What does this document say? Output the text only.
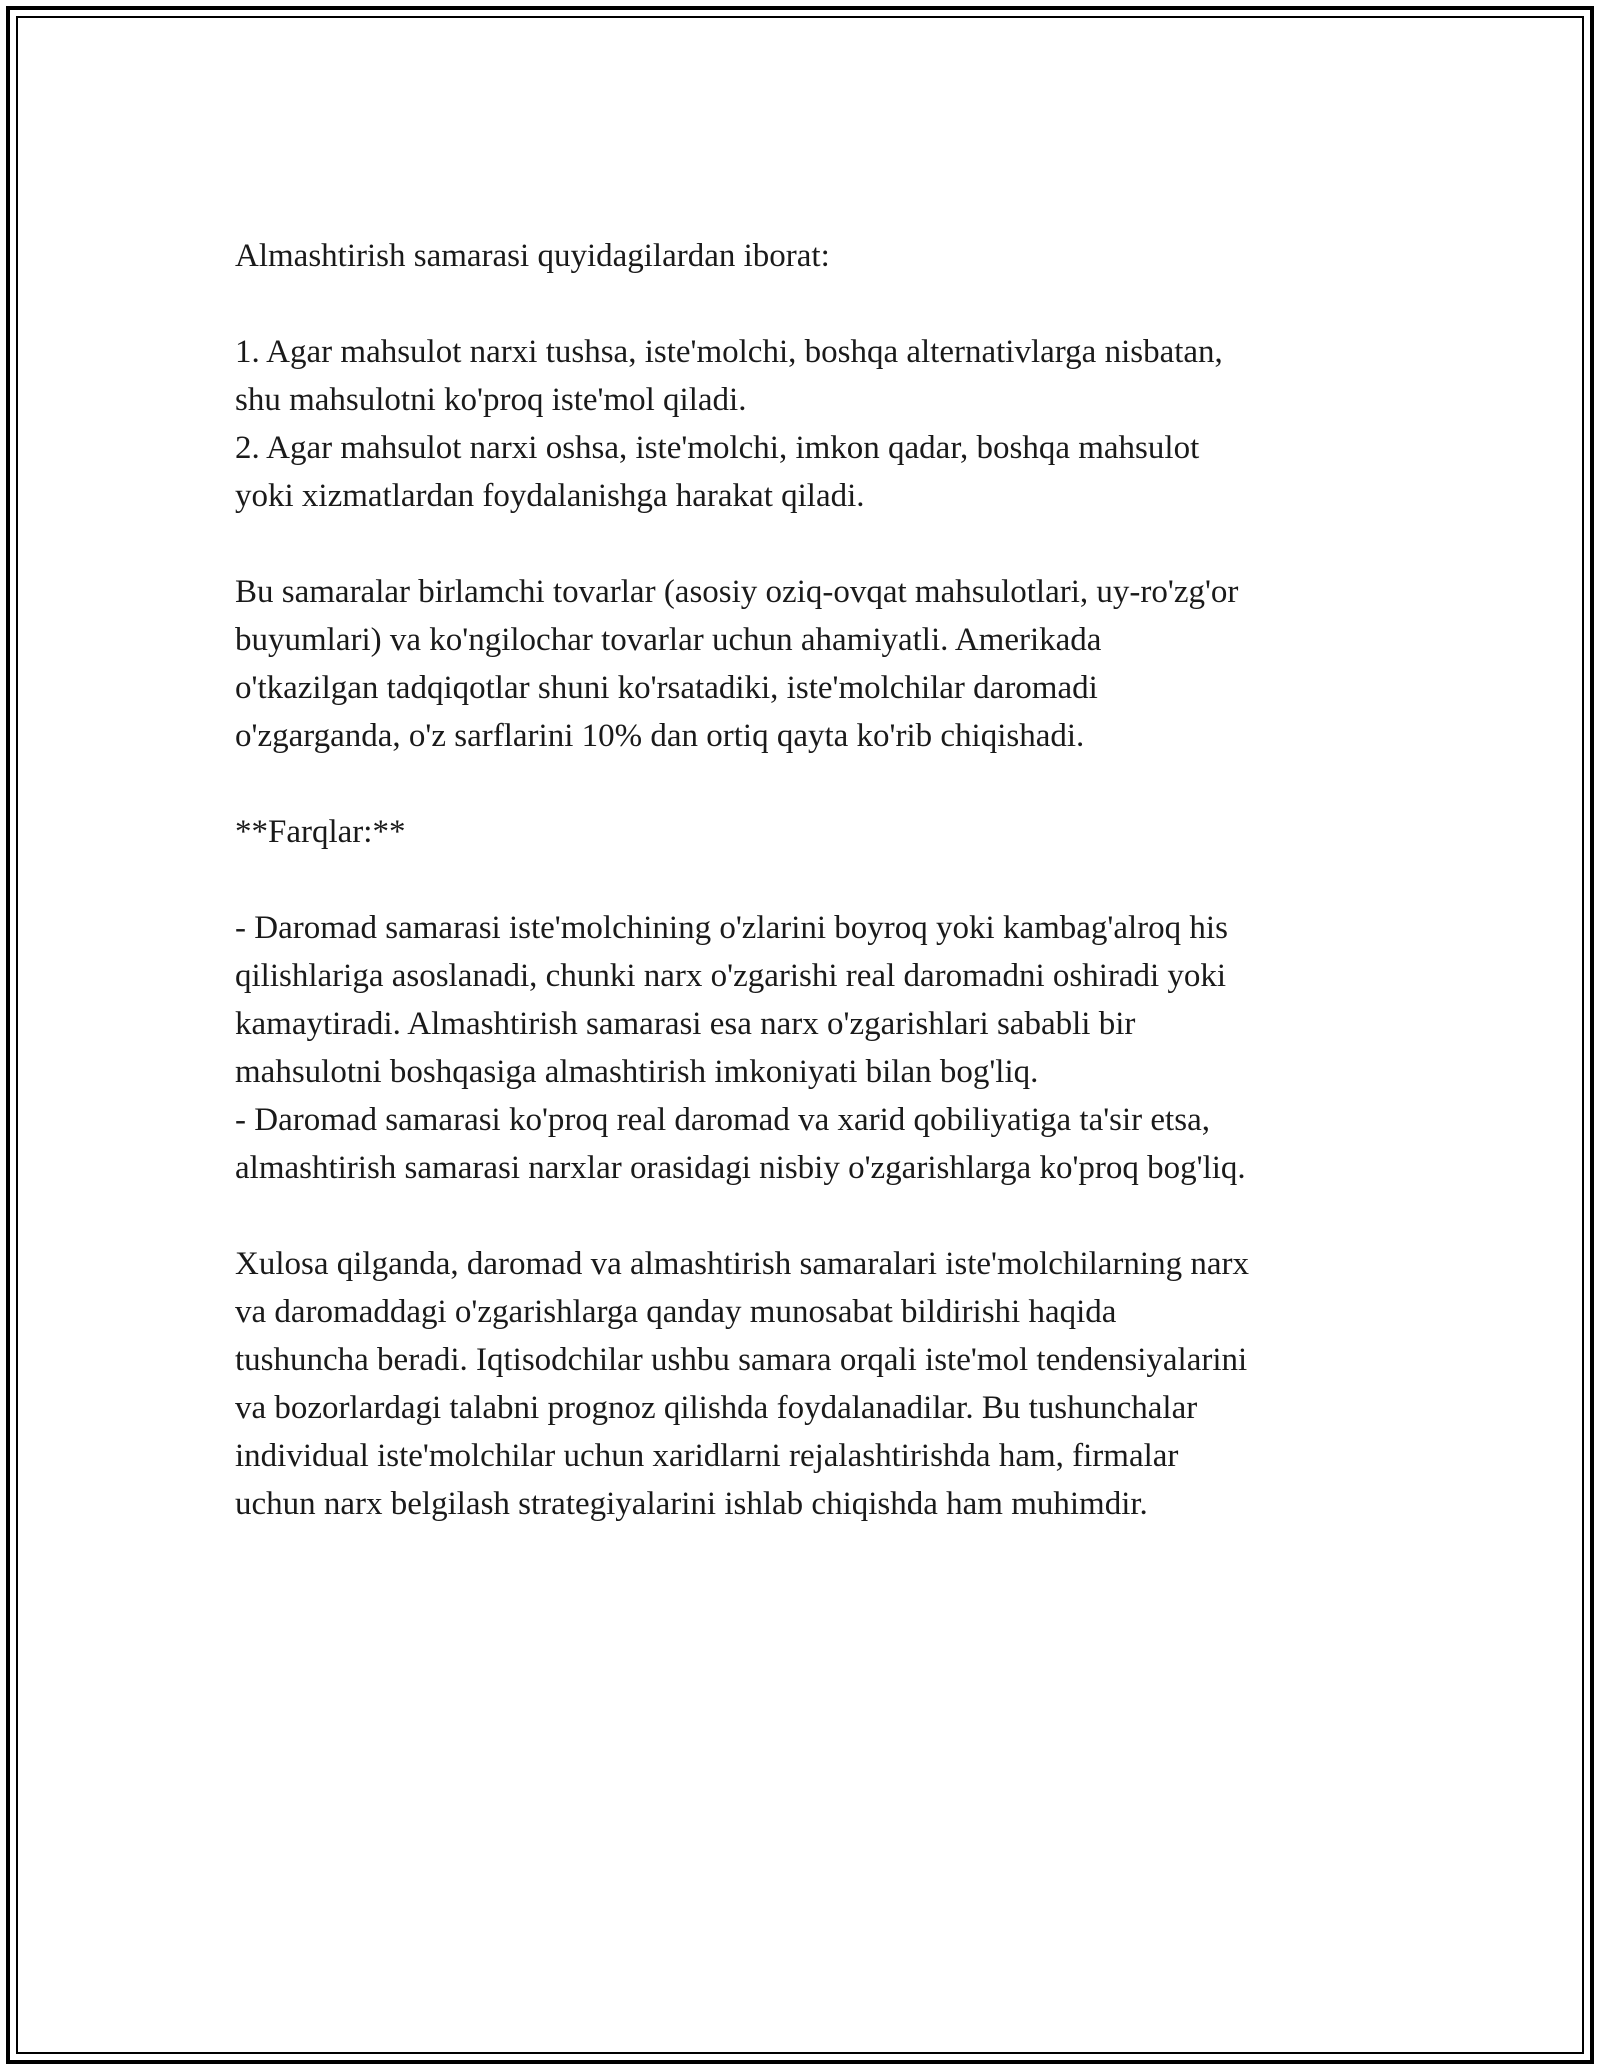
Almashtirish samarasi quyidagilardan iborat:

1. Agar mahsulot narxi tushsa, iste'molchi, boshqa alternativlarga nisbatan,
shu mahsulotni ko'proq iste'mol qiladi.

2. Agar mahsulot narxi oshsa, iste'molchi, imkon qadar, boshqa mahsulot
yoki xizmatlardan foydalanishga harakat qiladi.

Bu samaralar birlamchi tovarlar (asosiy oziq-ovqat mahsulotlari, uy-ro'zg'or
buyumlari) va ko'ngilochar tovarlar uchun ahamiyatli. Amerikada
o'tkazilgan tadqiqotlar shuni ko'rsatadiki, iste'molchilar daromadi
o'zgarganda, o'z sarflarini 10% dan ortiq qayta ko'rib chiqishadi.

**Farqlar:**

- Daromad samarasi iste'molchining o'zlarini boyroq yoki kambag'alroq his
qilishlariga asoslanadi, chunki narx o'zgarishi real daromadni oshiradi yoki
kamaytiradi. Almashtirish samarasi esa narx o'zgarishlari sababli bir
mahsulotni boshqasiga almashtirish imkoniyati bilan bog'liq.

- Daromad samarasi ko'proq real daromad va xarid qobiliyatiga ta'sir etsa,
almashtirish samarasi narxlar orasidagi nisbiy o'zgarishlarga ko'proq bog'liq.

Xulosa qilganda, daromad va almashtirish samaralari iste'molchilarning narx
va daromaddagi o'zgarishlarga qanday munosabat bildirishi haqida
tushuncha beradi. Iqtisodchilar ushbu samara orqali iste'mol tendensiyalarini
va bozorlardagi talabni prognoz qilishda foydalanadilar. Bu tushunchalar
individual iste'molchilar uchun xaridlarni rejalashtirishda ham, firmalar
uchun narx belgilash strategiyalarini ishlab chiqishda ham muhimdir.
